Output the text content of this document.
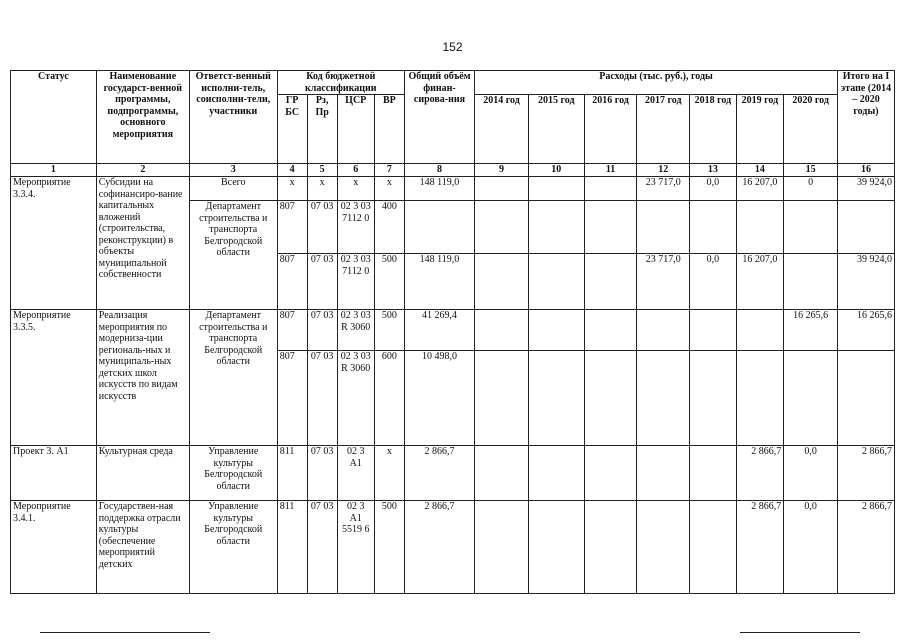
152
Статус	Наименование государст-венной программы, подпрограммы, основного мероприятия	Ответст-венный исполни-тель, соисполни-тели, участники	Код бюджетной классификации				Общий объём финан-сирова-ния	Расходы (тыс. руб.), годы							Итого на I этапе (2014 – 2020 годы)
			ГР БС	Рз, Пр	ЦСР	ВР		2014 год	2015 год	2016 год	2017 год	2018 год	2019 год	2020 год	
1	2	3	4	5	6	7	8	9	10	11	12	13	14	15	16
Мероприятие 3.3.4.	Субсидии на софинансиро-вание капитальных вложений (строительства, реконструкции) в объекты муниципальной собственности	Всего	х	х	х	х	148 119,0				23 717,0	0,0	16 207,0	0	39 924,0
		Департамент строительства и транспорта Белгородской области	807	07 03	02 3 03 7112 0	400									
			807	07 03	02 3 03 7112 0	500	148 119,0				23 717,0	0,0	16 207,0		39 924,0
Мероприятие 3.3.5.	Реализация мероприятия по модерниза-ции региональ-ных и муниципаль-ных детских школ искусств по видам искусств	Департамент строительства и транспорта Белгородской области	807	07 03	02 3 03 R 3060	500	41 269,4							16 265,6	16 265,6
			807	07 03	02 3 03 R 3060	600	10 498,0								
Проект 3. А1	Культурная среда	Управление культуры Белгородской области	811	07 03	02 3 А1	х	2 866,7						2 866,7	0,0	2 866,7
Мероприятие 3.4.1.	Государствен-ная поддержка отрасли культуры (обеспечение мероприятий детских	Управление культуры Белгородской области	811	07 03	02 3 А1 5519 6	500	2 866,7						2 866,7	0,0	2 866,7
